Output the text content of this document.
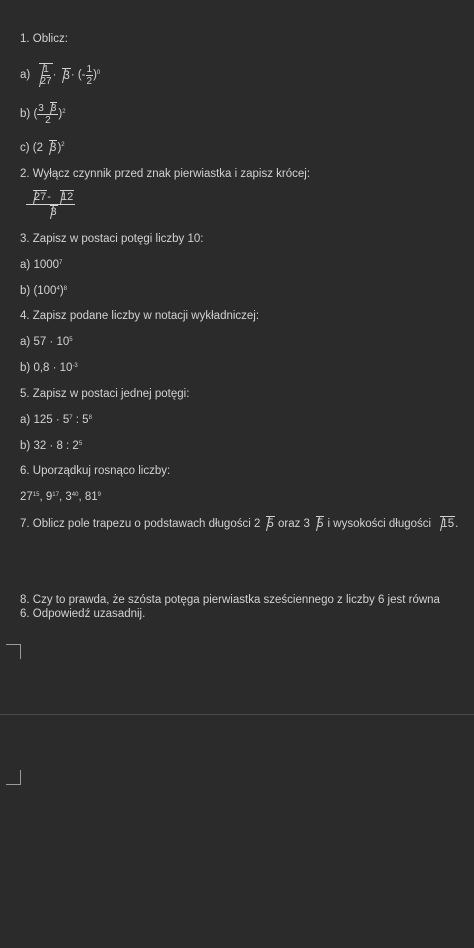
1. Oblicz:
a)
$\frac{1}{27} \cdot 3$ · (- $\frac{1}{2} )^0$
b)
( $\frac{3 3}{2} )^2$
c) (2 3)$^2$
2. Wyłącz czynnik przed znak pierwiastka i zapisz krócej:
$\frac{27- 12}{3}$
3. Zapisz w postaci potęgi liczby 10:
a) 1000$^7$
b) $(100^4)^8$
4. Zapisz podane liczby w notacji wykładniczej:
a) $57 \cdot 10^5$
b) $0,8 \cdot 10^{-3}$
5. Zapisz w postaci jednej potęgi:
a) $125 \cdot 5^7$ : $5^8$
b) 32 · 8 : $2^5$
6. Uporządkuj rosnąco liczby:
$27^{15}$, $9^{17}$, $3^{40}$, $81^9$
7. Oblicz pole trapezu o podstawach długości 2 5 oraz 3 5 i wysokości długości 15.
8. Czy to prawda, że szósta potęga pierwiastka sześciennego z liczby 6 jest równa 6. Odpowiedź uzasadnij.
